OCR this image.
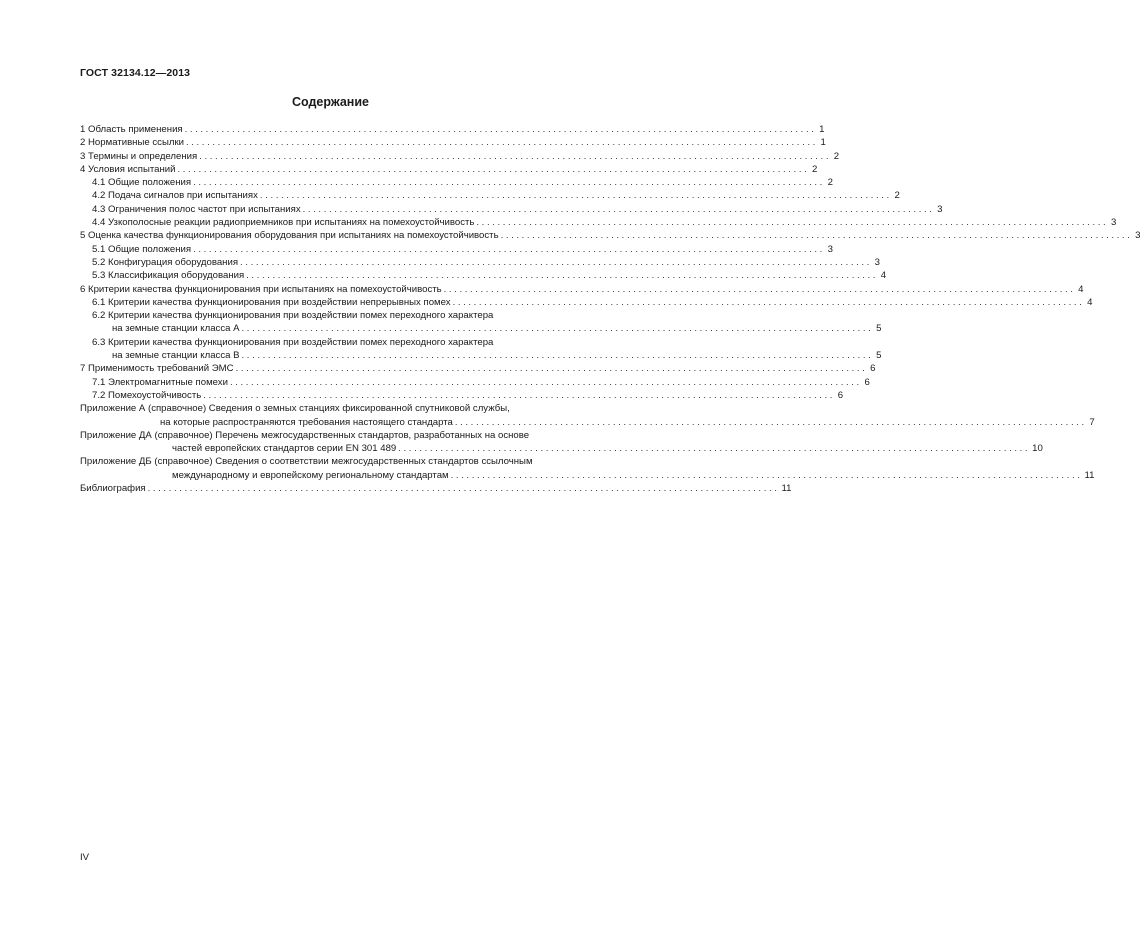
ГОСТ 32134.12—2013
Содержание
1 Область применения ........................................................................................................................ 1
2 Нормативные ссылки ........................................................................................................................ 1
3 Термины и определения ........................................................................................................................ 2
4 Условия испытаний ........................................................................................................................ 2
4.1 Общие положения ........................................................................................................................ 2
4.2 Подача сигналов при испытаниях ........................................................................................................................ 2
4.3 Ограничения полос частот при испытаниях ........................................................................................................................ 3
4.4 Узкополосные реакции радиоприемников при испытаниях на помехоустойчивость ........................................................................................................................ 3
5 Оценка качества функционирования оборудования при испытаниях на помехоустойчивость ........................................................................................................................ 3
5.1 Общие положения ........................................................................................................................ 3
5.2 Конфигурация оборудования ........................................................................................................................ 3
5.3 Классификация оборудования ........................................................................................................................ 4
6 Критерии качества функционирования при испытаниях на помехоустойчивость ........................................................................................................................ 4
6.1 Критерии качества функционирования при воздействии непрерывных помех ........................................................................................................................ 4
6.2 Критерии качества функционирования при воздействии помех переходного характера
на земные станции класса А ........................................................................................................................ 5
6.3 Критерии качества функционирования при воздействии помех переходного характера
на земные станции класса В ........................................................................................................................ 5
7 Применимость требований ЭМС ........................................................................................................................ 6
7.1 Электромагнитные помехи ........................................................................................................................ 6
7.2 Помехоустойчивость ........................................................................................................................ 6
Приложение А (справочное) Сведения о земных станциях фиксированной спутниковой службы,
на которые распространяются требования настоящего стандарта ........................................................................................................................ 7
Приложение ДА (справочное) Перечень межгосударственных стандартов, разработанных на основе
частей европейских стандартов серии EN 301 489 ........................................................................................................................ 10
Приложение ДБ (справочное) Сведения о соответствии межгосударственных стандартов ссылочным
международному и европейскому региональному стандартам ........................................................................................................................ 11
Библиография ........................................................................................................................ 11
IV
